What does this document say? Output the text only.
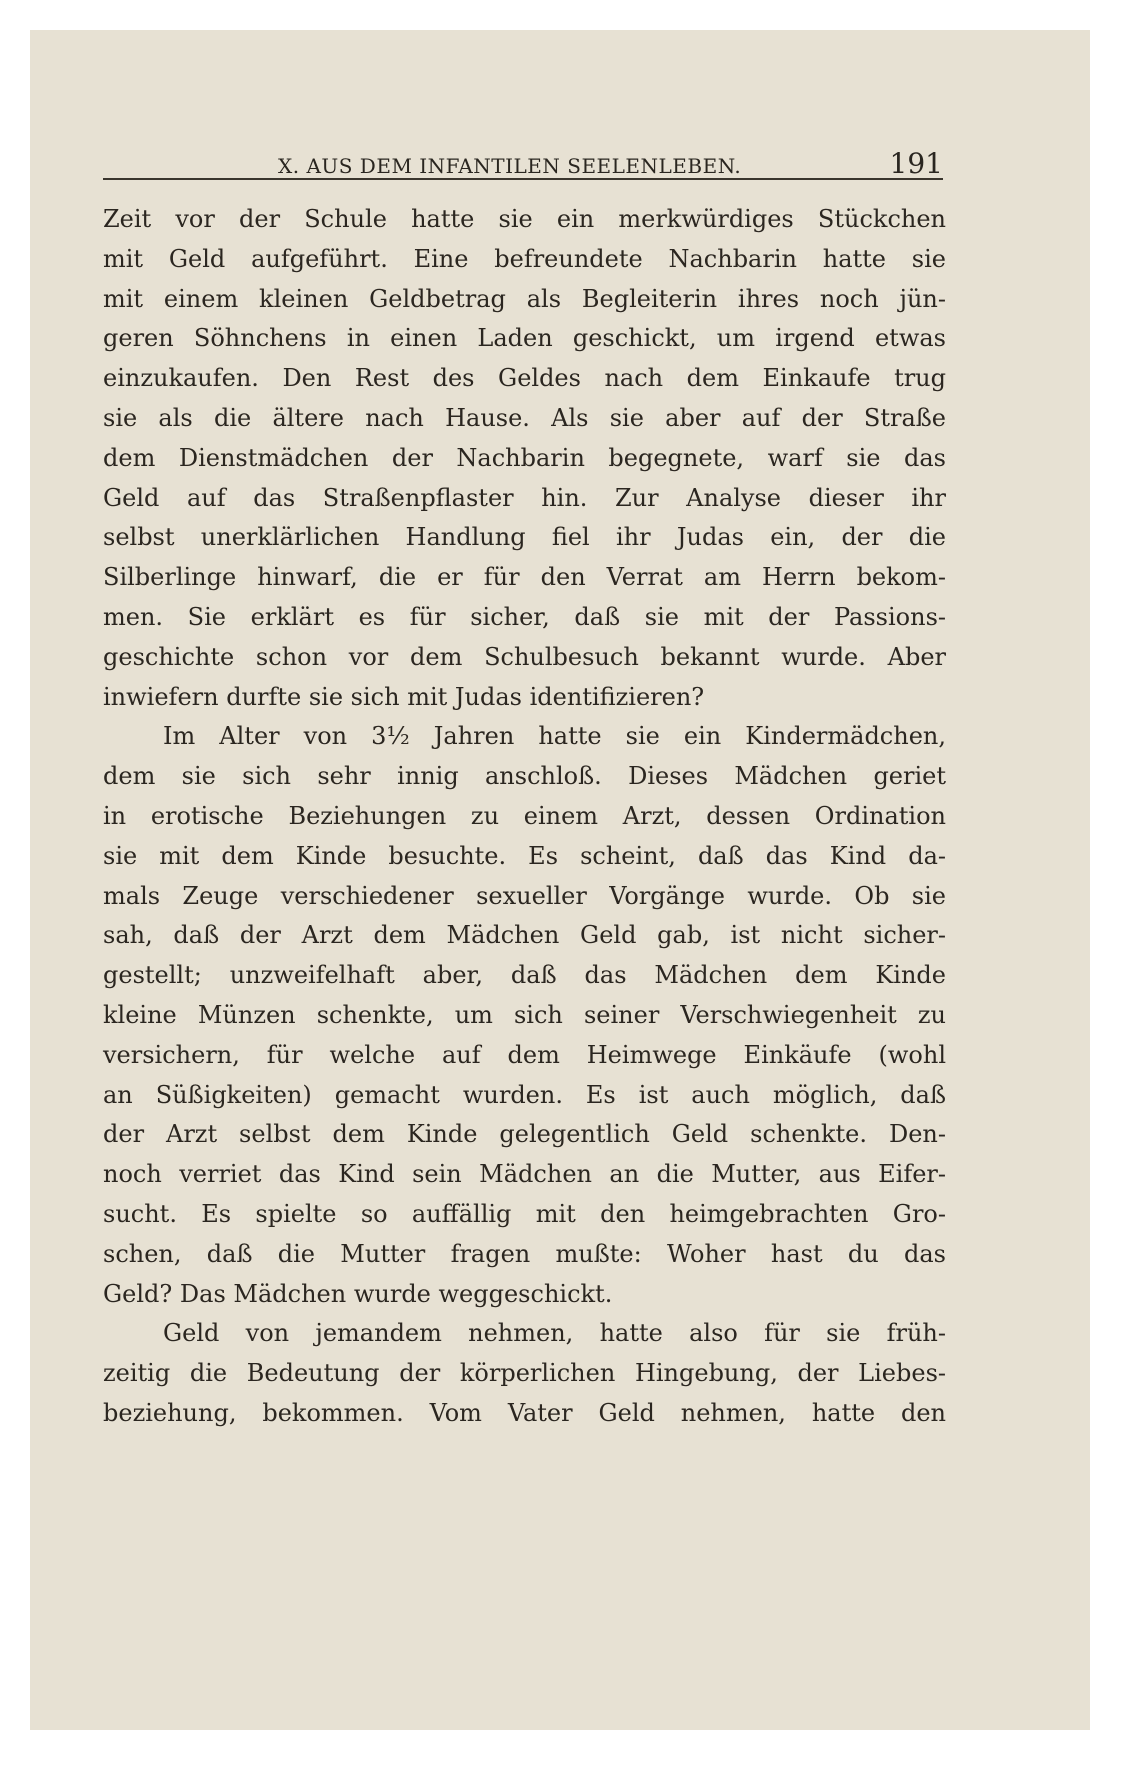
X. AUS DEM INFANTILEN SEELENLEBEN.	191
Zeit vor der Schule hatte sie ein merkwürdiges Stückchen
mit Geld aufgeführt. Eine befreundete Nachbarin hatte sie
mit einem kleinen Geldbetrag als Begleiterin ihres noch jün-
geren Söhnchens in einen Laden geschickt, um irgend etwas
einzukaufen. Den Rest des Geldes nach dem Einkaufe trug
sie als die ältere nach Hause. Als sie aber auf der Straße
dem Dienstmädchen der Nachbarin begegnete, warf sie das
Geld auf das Straßenpflaster hin. Zur Analyse dieser ihr
selbst unerklärlichen Handlung fiel ihr Judas ein, der die
Silberlinge hinwarf, die er für den Verrat am Herrn bekom-
men. Sie erklärt es für sicher, daß sie mit der Passions-
geschichte schon vor dem Schulbesuch bekannt wurde. Aber
inwiefern durfte sie sich mit Judas identifizieren?
Im Alter von 3½ Jahren hatte sie ein Kindermädchen,
dem sie sich sehr innig anschloß. Dieses Mädchen geriet
in erotische Beziehungen zu einem Arzt, dessen Ordination
sie mit dem Kinde besuchte. Es scheint, daß das Kind da-
mals Zeuge verschiedener sexueller Vorgänge wurde. Ob sie
sah, daß der Arzt dem Mädchen Geld gab, ist nicht sicher-
gestellt; unzweifelhaft aber, daß das Mädchen dem Kinde
kleine Münzen schenkte, um sich seiner Verschwiegenheit zu
versichern, für welche auf dem Heimwege Einkäufe (wohl
an Süßigkeiten) gemacht wurden. Es ist auch möglich, daß
der Arzt selbst dem Kinde gelegentlich Geld schenkte. Den-
noch verriet das Kind sein Mädchen an die Mutter, aus Eifer-
sucht. Es spielte so auffällig mit den heimgebrachten Gro-
schen, daß die Mutter fragen mußte: Woher hast du das
Geld? Das Mädchen wurde weggeschickt.
Geld von jemandem nehmen, hatte also für sie früh-
zeitig die Bedeutung der körperlichen Hingebung, der Liebes-
beziehung, bekommen. Vom Vater Geld nehmen, hatte den
